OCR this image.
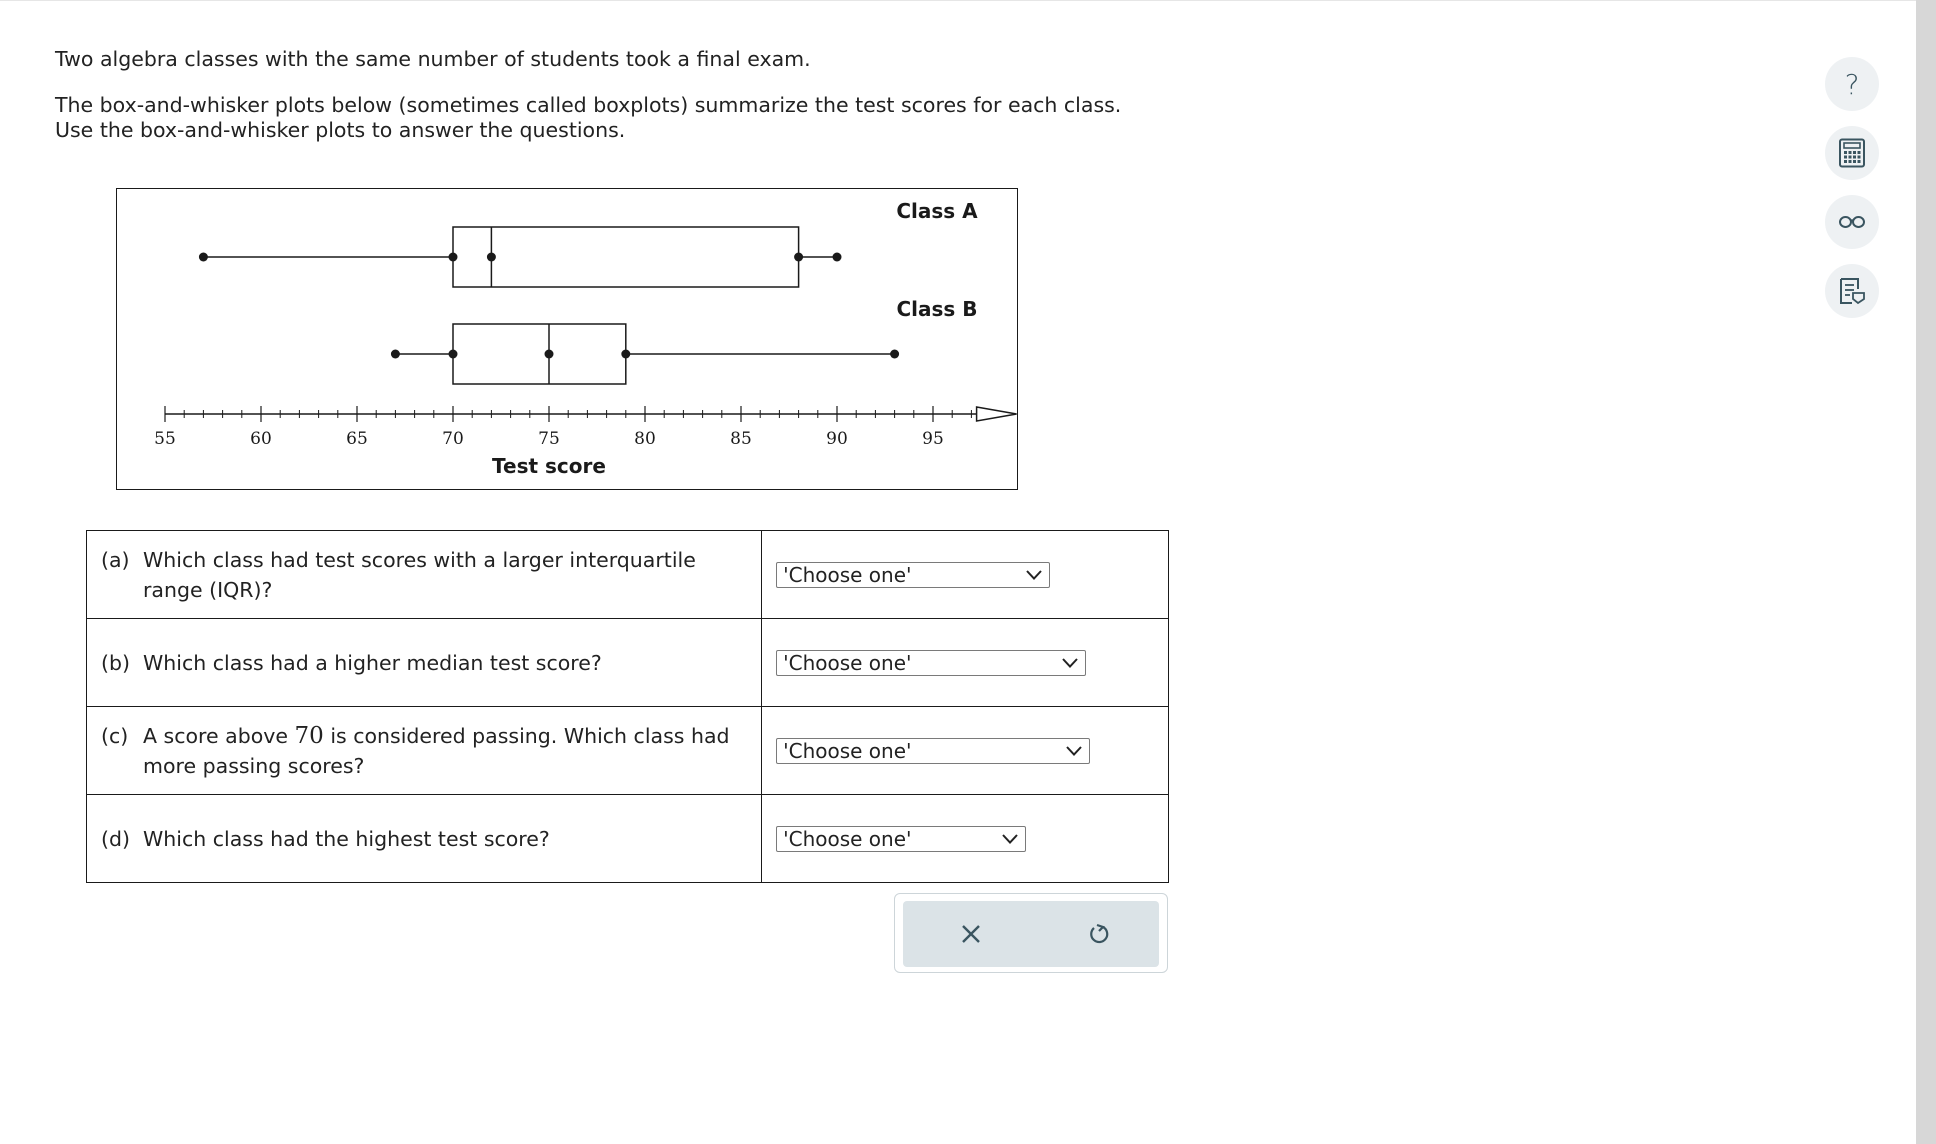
Two algebra classes with the same number of students took a final exam.

The box-and-whisker plots below (sometimes called boxplots) summarize the test scores for each class.
Use the box-and-whisker plots to answer the questions.

55	60	65	70	75	80	85	90	95
Test score
Class A
Class B
(a) Which class had test scores with a larger interquartile range (IQR)?	'Choose one'

(b) Which class had a higher median test score?	'Choose one'

(c) A score above 70 is considered passing. Which class had more passing scores?	'Choose one'

(d) Which class had the highest test score?	'Choose one'
?
